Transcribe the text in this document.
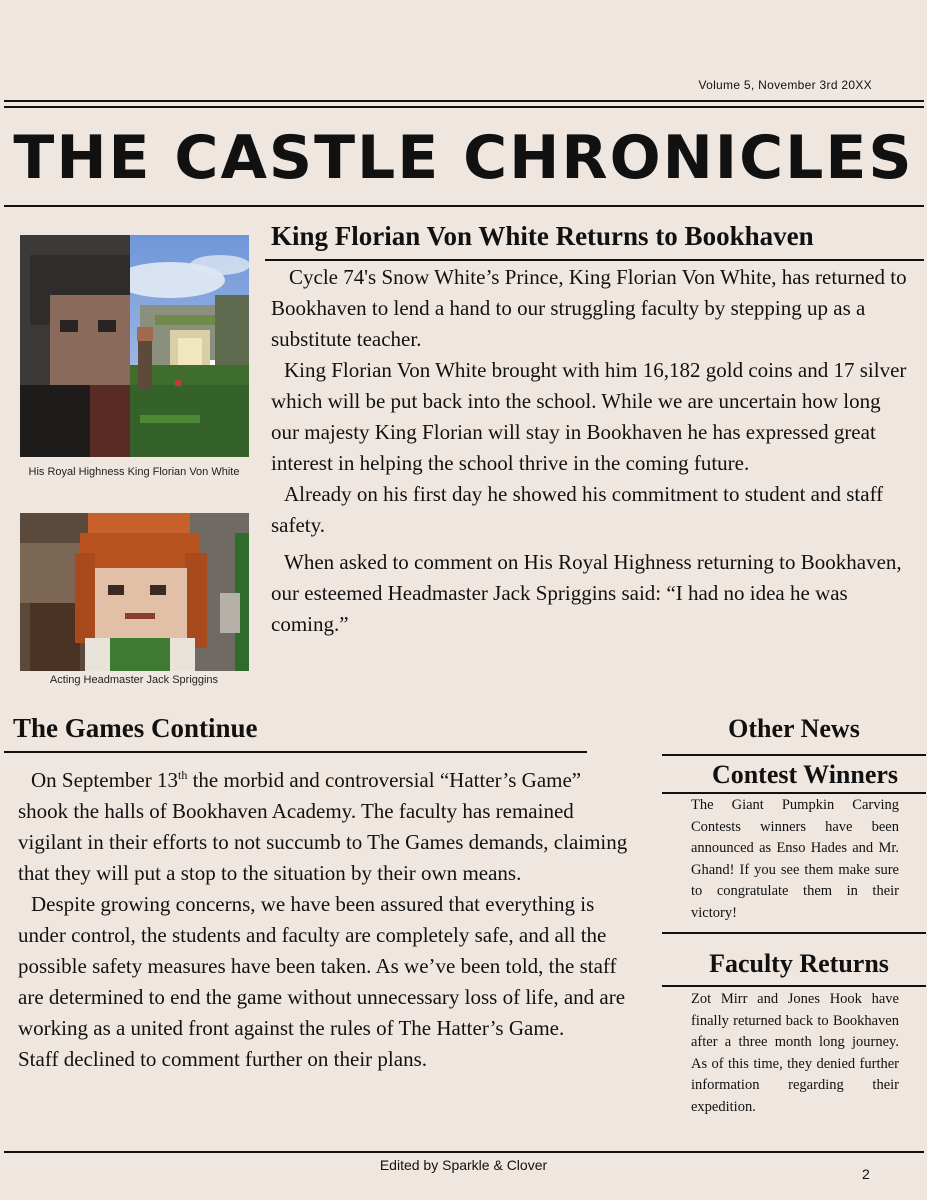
Volume 5, November 3rd 20XX
THE CASTLE CHRONICLES
His Royal Highness King Florian Von White
Acting Headmaster Jack Spriggins
King Florian Von White Returns to Bookhaven

Cycle 74's Snow White’s Prince, King Florian Von White, has returned to Bookhaven to lend a hand to our struggling faculty by stepping up as a substitute teacher.

King Florian Von White brought with him 16,182 gold coins and 17 silver which will be put back into the school. While we are uncertain how long our majesty King Florian will stay in Bookhaven he has expressed great interest in helping the school thrive in the coming future.

Already on his first day he showed his commitment to student and staff safety.

When asked to comment on His Royal Highness returning to Bookhaven, our esteemed Headmaster Jack Spriggins said: “I had no idea he was coming.”

The Games Continue

On September 13th the morbid and controversial “Hatter’s Game” shook the halls of Bookhaven Academy. The faculty has remained vigilant in their efforts to not succumb to The Games demands, claiming that they will put a stop to the situation by their own means.

Despite growing concerns, we have been assured that everything is under control, the students and faculty are completely safe, and all the possible safety measures have been taken. As we’ve been told, the staff are determined to end the game without unnecessary loss of life, and are working as a united front against the rules of The Hatter’s Game.

Staff declined to comment further on their plans.

Other News
Contest Winners
The Giant Pumpkin Carving Contests winners have been announced as Enso Hades and Mr. Ghand! If you see them make sure to congratulate them in their victory!
Faculty Returns
Zot Mirr and Jones Hook have finally returned back to Bookhaven after a three month long journey. As of this time, they denied further information regarding their expedition.
Edited by Sparkle & Clover
2
